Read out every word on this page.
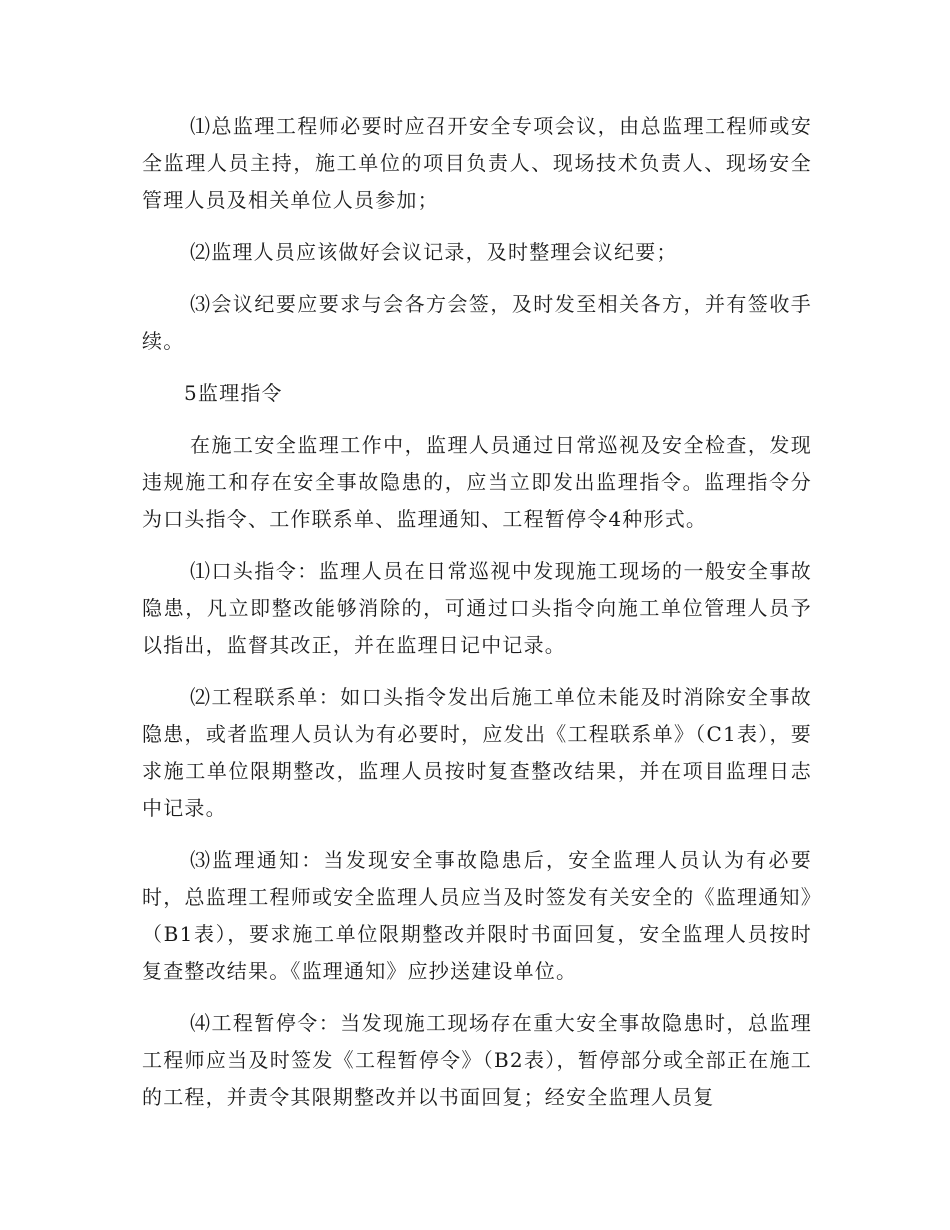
⑴总监理工程师必要时应召开安全专项会议，由总监理工程师或安全监理人员主持，施工单位的项目负责人、现场技术负责人、现场安全管理人员及相关单位人员参加；

⑵监理人员应该做好会议记录，及时整理会议纪要；

⑶会议纪要应要求与会各方会签，及时发至相关各方，并有签收手续。

5监理指令

在施工安全监理工作中，监理人员通过日常巡视及安全检查，发现违规施工和存在安全事故隐患的，应当立即发出监理指令。监理指令分为口头指令、工作联系单、监理通知、工程暂停令4种形式。

⑴口头指令：监理人员在日常巡视中发现施工现场的一般安全事故隐患，凡立即整改能够消除的，可通过口头指令向施工单位管理人员予以指出，监督其改正，并在监理日记中记录。

⑵工程联系单：如口头指令发出后施工单位未能及时消除安全事故隐患，或者监理人员认为有必要时，应发出《工程联系单》（C1表），要求施工单位限期整改，监理人员按时复查整改结果，并在项目监理日志中记录。

⑶监理通知：当发现安全事故隐患后，安全监理人员认为有必要时，总监理工程师或安全监理人员应当及时签发有关安全的《监理通知》（B1表），要求施工单位限期整改并限时书面回复，安全监理人员按时复查整改结果。《监理通知》应抄送建设单位。

⑷工程暂停令：当发现施工现场存在重大安全事故隐患时，总监理工程师应当及时签发《工程暂停令》（B2表），暂停部分或全部正在施工的工程，并责令其限期整改并以书面回复；经安全监理人员复
